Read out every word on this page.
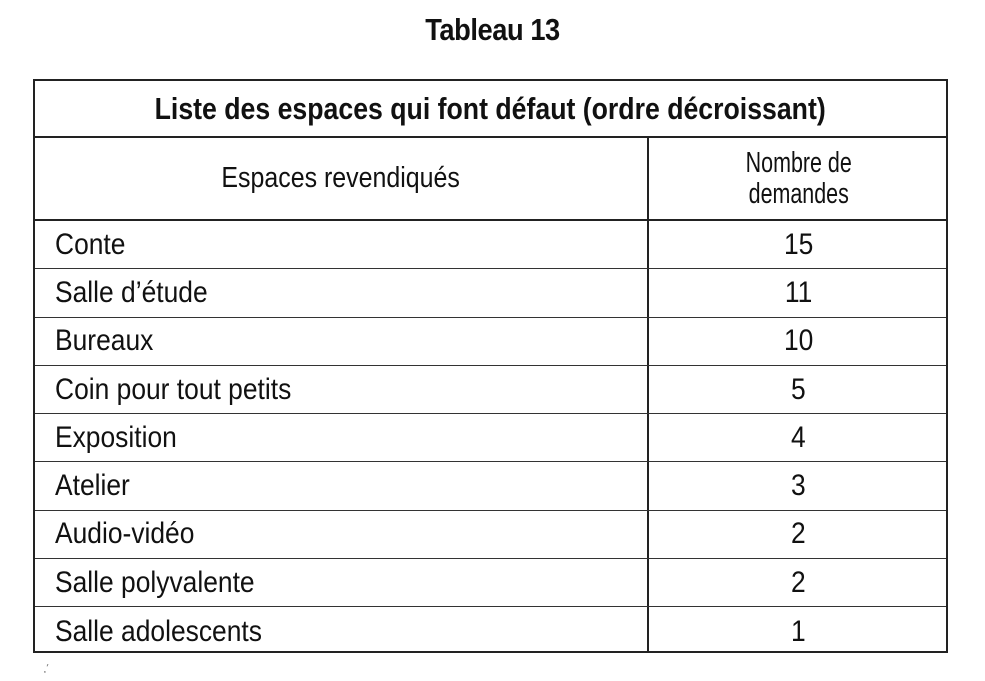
Tableau 13
Liste des espaces qui font défaut (ordre décroissant)
Espaces revendiqués	Nombre de
demandes
Conte	15
Salle d’étude	11
Bureaux	10
Coin pour tout petits	5
Exposition	4
Atelier	3
Audio-vidéo	2
Salle polyvalente	2
Salle adolescents	1
·ˊ
